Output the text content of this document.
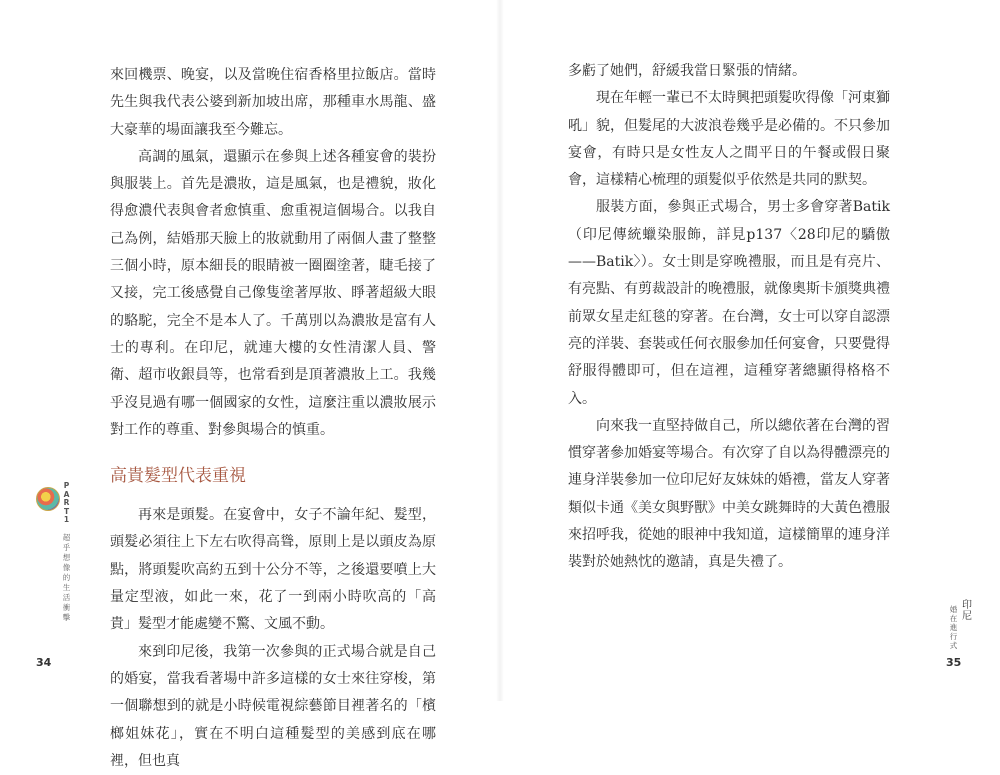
來回機票、晚宴，以及當晚住宿香格里拉飯店。當時先生與我代表公婆到新加坡出席，那種車水馬龍、盛大豪華的場面讓我至今難忘。

高調的風氣，還顯示在參與上述各種宴會的裝扮與服裝上。首先是濃妝，這是風氣，也是禮貌，妝化得愈濃代表與會者愈慎重、愈重視這個場合。以我自己為例，結婚那天臉上的妝就動用了兩個人畫了整整三個小時，原本細長的眼睛被一圈圈塗著，睫毛接了又接，完工後感覺自己像隻塗著厚妝、睜著超級大眼的駱駝，完全不是本人了。千萬別以為濃妝是富有人士的專利。在印尼，就連大樓的女性清潔人員、警衛、超市收銀員等，也常看到是頂著濃妝上工。我幾乎沒見過有哪一個國家的女性，這麼注重以濃妝展示對工作的尊重、對參與場合的慎重。

高貴髮型代表重視

再來是頭髮。在宴會中，女子不論年紀、髮型，頭髮必須往上下左右吹得高聳，原則上是以頭皮為原點，將頭髮吹高約五到十公分不等，之後還要噴上大量定型液，如此一來，花了一到兩小時吹高的「高貴」髮型才能處變不驚、文風不動。

來到印尼後，我第一次參與的正式場合就是自己的婚宴，當我看著場中許多這樣的女士來往穿梭，第一個聯想到的就是小時候電視綜藝節目裡著名的「檳榔姐妹花」，實在不明白這種髮型的美感到底在哪裡，但也真

PART1
超乎想像的生活衝擊
34

多虧了她們，舒緩我當日緊張的情緒。

現在年輕一輩已不太時興把頭髮吹得像「河東獅吼」貌，但髮尾的大波浪卷幾乎是必備的。不只參加宴會，有時只是女性友人之間平日的午餐或假日聚會，這樣精心梳理的頭髮似乎依然是共同的默契。

服裝方面，參與正式場合，男士多會穿著Batik（印尼傳統蠟染服飾，詳見p137〈28印尼的驕傲——Batik〉）。女士則是穿晚禮服，而且是有亮片、有亮點、有剪裁設計的晚禮服，就像奧斯卡頒獎典禮前眾女星走紅毯的穿著。在台灣，女士可以穿自認漂亮的洋裝、套裝或任何衣服參加任何宴會，只要覺得舒服得體即可，但在這裡，這種穿著總顯得格格不入。

向來我一直堅持做自己，所以總依著在台灣的習慣穿著參加婚宴等場合。有次穿了自以為得體漂亮的連身洋裝參加一位印尼好友妹妹的婚禮，當友人穿著類似卡通《美女與野獸》中美女跳舞時的大黃色禮服來招呼我，從她的眼神中我知道，這樣簡單的連身洋裝對於她熱忱的邀請，真是失禮了。

婚在進行式
印尼
35
